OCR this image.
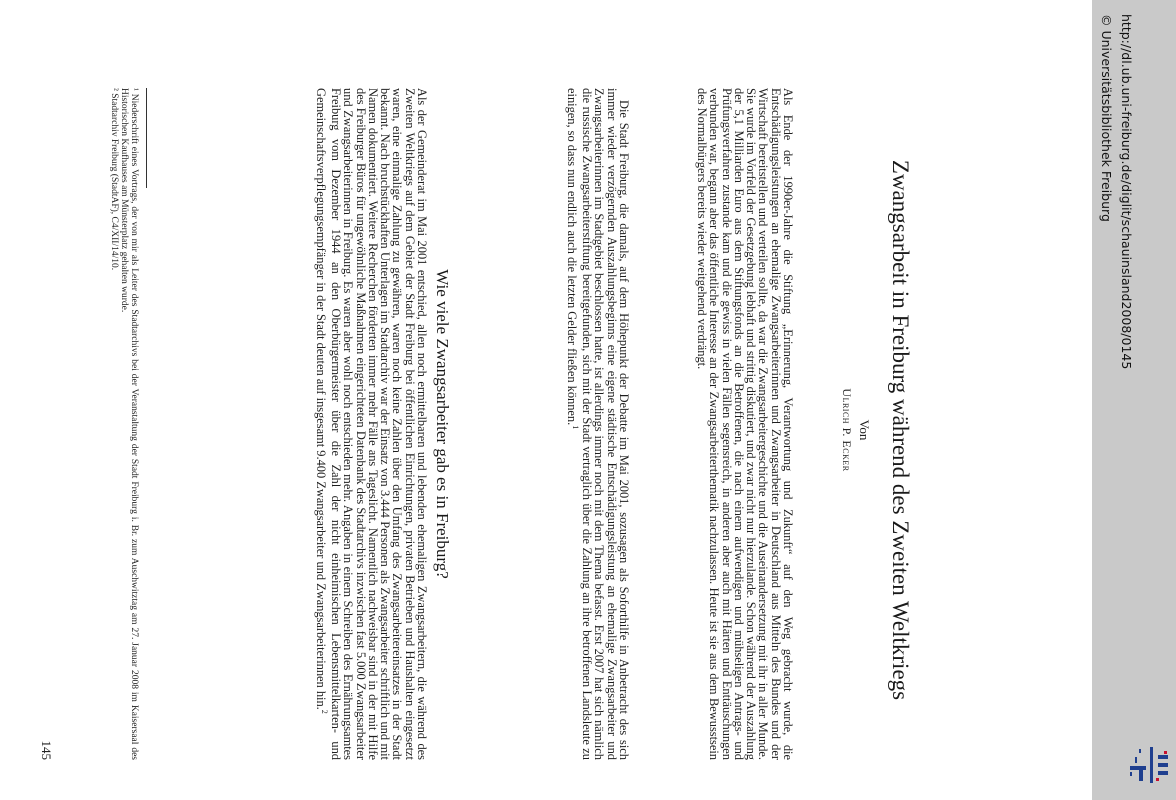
Zwangsarbeit in Freiburg während des Zweiten Weltkriegs
Von
Ulrich P. Ecker

Als Ende der 1990er-Jahre die Stiftung „Erinnerung, Verantwortung und Zukunft“ auf den Weg gebracht wurde, die Entschädigungsleistungen an ehemalige Zwangsarbeiterinnen und Zwangsarbeiter in Deutschland aus Mitteln des Bundes und der Wirtschaft bereitstellen und verteilen sollte, da war die Zwangsarbeitergeschichte und die Auseinandersetzung mit ihr in aller Munde. Sie wurde im Vorfeld der Gesetzgebung lebhaft und strittig diskutiert, und zwar nicht nur hierzulande. Schon während der Auszahlung der 5,1 Milliarden Euro aus dem Stiftungsfonds an die Betroffenen, die nach einem aufwendigen und mühseligen Antrags- und Prüfungsverfahren zustande kam und die gewiss in vielen Fällen segensreich, in anderen aber auch mit Härten und Enttäuschungen verbunden war, begann aber das öffentliche Interesse an der Zwangsarbeiterthematik nachzulassen. Heute ist sie aus dem Bewusstsein des Normalbürgers bereits wieder weitgehend verdrängt.

Die Stadt Freiburg, die damals, auf dem Höhepunkt der Debatte im Mai 2001, sozusagen als Soforthilfe in Anbetracht des sich immer wieder verzögernden Auszahlungsbeginns eine eigene städtische Entschädigungsleistung an ehemalige Zwangsarbeiter und Zwangsarbeiterinnen im Stadtgebiet beschlossen hatte, ist allerdings immer noch mit dem Thema befasst. Erst 2007 hat sich nämlich die russische Zwangsarbeiterstiftung bereitgefunden, sich mit der Stadt vertraglich über die Zahlung an ihre betroffenen Landsleute zu einigen, so dass nun endlich auch die letzten Gelder fließen können.$^1$

Wie viele Zwangsarbeiter gab es in Freiburg?

Als der Gemeinderat im Mai 2001 entschied, allen noch ermittelbaren und lebenden ehemaligen Zwangsarbeitern, die während des Zweiten Weltkriegs auf dem Gebiet der Stadt Freiburg bei öffentlichen Einrichtungen, privaten Betrieben und Haushalten eingesetzt waren, eine einmalige Zahlung zu gewähren, waren noch keine Zahlen über den Umfang des Zwangsarbeitereinsatzes in der Stadt bekannt. Nach bruchstückhaften Unterlagen im Stadtarchiv war der Einsatz von 3.444 Personen als Zwangsarbeiter schriftlich und mit Namen dokumentiert. Weitere Recherchen förderten immer mehr Fälle ans Tageslicht. Namentlich nachweisbar sind in der mit Hilfe des Freiburger Büros für ungewöhnliche Maßnahmen eingerichteten Datenbank des Stadtarchivs inzwischen fast 5.000 Zwangsarbeiter und Zwangsarbeiterinnen in Freiburg. Es waren aber wohl noch entschieden mehr. Angaben in einem Schreiben des Ernährungsamtes Freiburg vom Dezember 1944 an den Oberbürgermeister über die Zahl der nicht einheimischen Lebensmittelkarten- und Gemeinschaftsverpflegungsempfänger in der Stadt deuten auf insgesamt 9.400 Zwangsarbeiter und Zwangsarbeiterinnen hin.$^2$

¹ Niederschrift eines Vortrags, der von mir als Leiter des Stadtarchivs bei der Veranstaltung der Stadt Freiburg i. Br. zum Auschwitztag am 27. Januar 2008 im Kaisersaal des Historischen Kaufhauses am Münsterplatz gehalten wurde.

² Stadtarchiv Freiburg (StadtAF), C4/XII/14/10.

145
http://dl.ub.uni-freiburg.de/diglit/schauinsland2008/0145
© Universitätsbibliothek Freiburg
